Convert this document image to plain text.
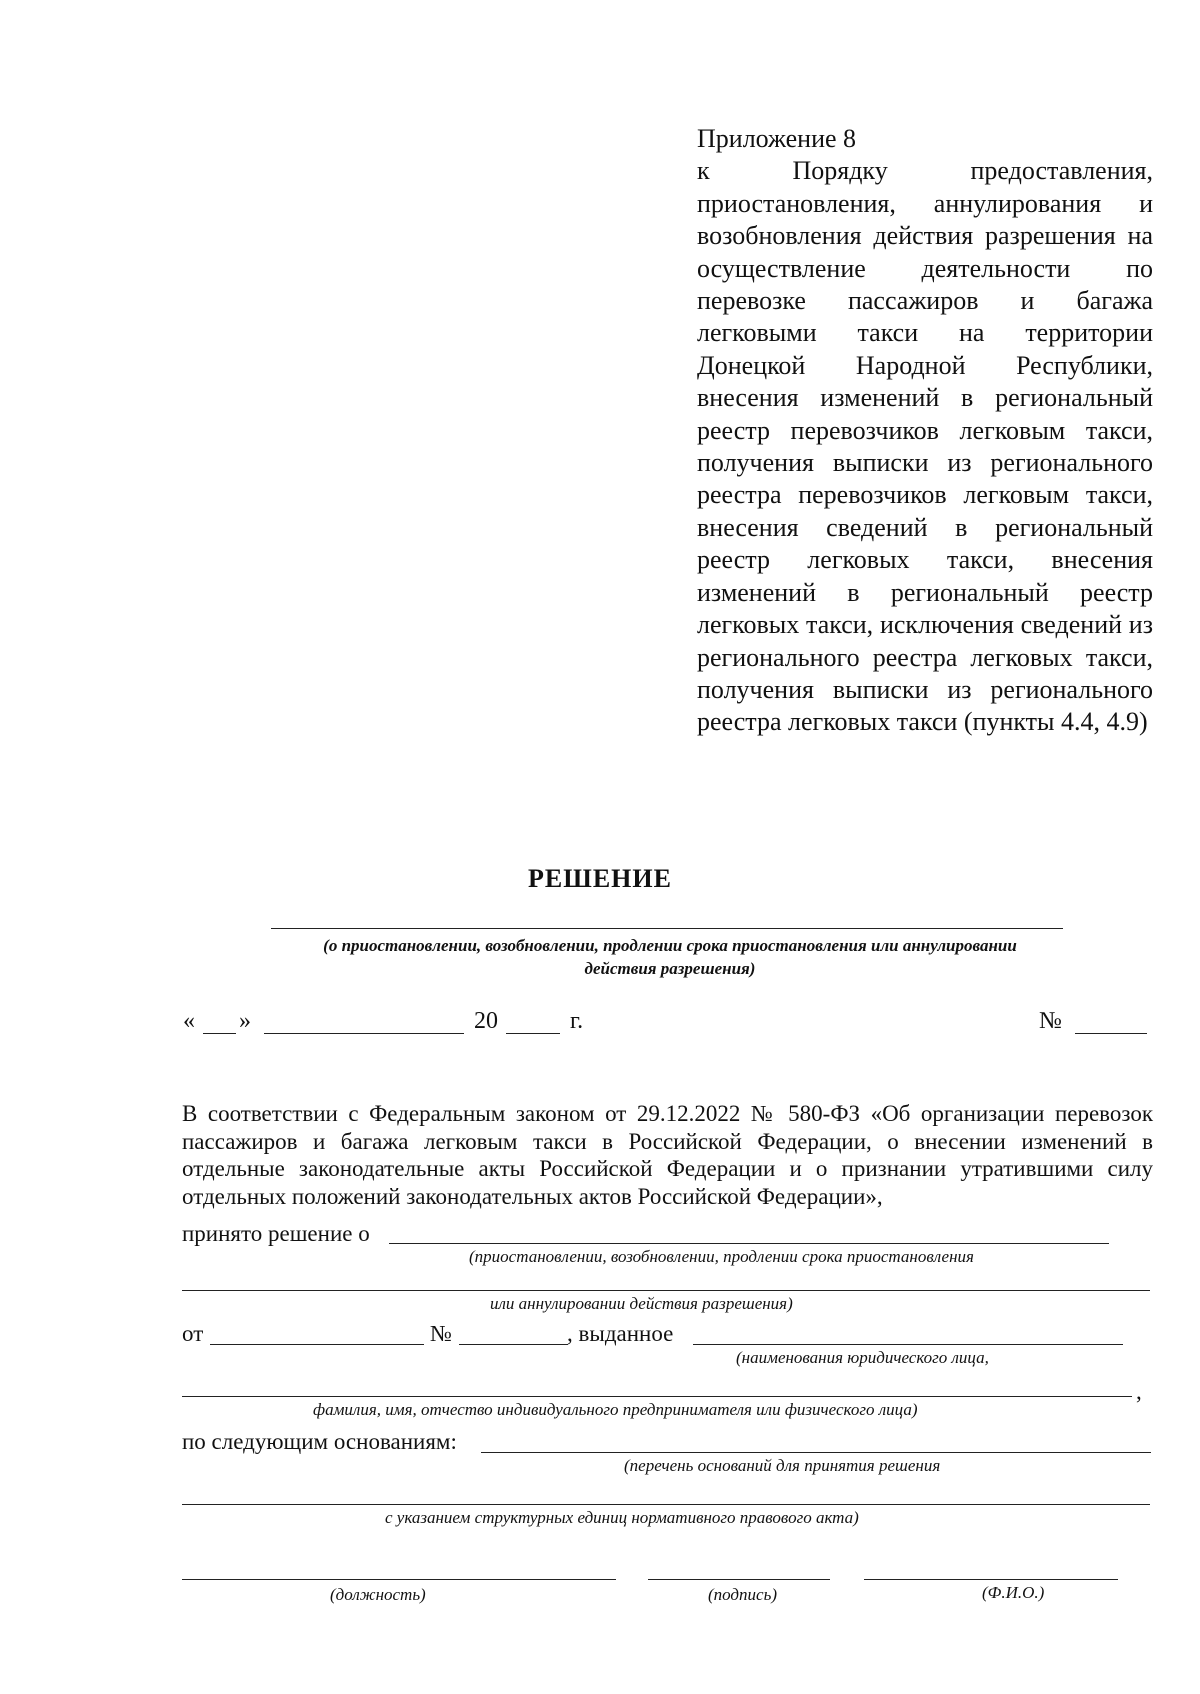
Приложение 8
к Порядку предоставления, приостановления, аннулирования и возобновления действия разрешения на осуществление деятельности по перевозке пассажиров и багажа легковыми такси на территории Донецкой Народной Республики, внесения изменений в региональный реестр перевозчиков легковым такси, получения выписки из регионального реестра перевозчиков легковым такси, внесения сведений в региональный реестр легковых такси, внесения изменений в региональный реестр легковых такси, исключения сведений из регионального реестра легковых такси, получения выписки из регионального реестра легковых такси (пункты 4.4, 4.9)
РЕШЕНИЕ
(о приостановлении, возобновлении, продлении срока приостановления или аннулировании действия разрешения)
« »	20	г.	№
В соответствии с Федеральным законом от 29.12.2022 № 580-ФЗ «Об организации перевозок пассажиров и багажа легковым такси в Российской Федерации, о внесении изменений в отдельные законодательные акты Российской Федерации и о признании утратившими силу отдельных положений законодательных актов Российской Федерации»,
принято решение о
(приостановлении, возобновлении, продлении срока приостановления
или аннулировании действия разрешения)
от	№	, выданное
(наименования юридического лица,
,
фамилия, имя, отчество индивидуального предпринимателя или физического лица)
по следующим основаниям:
(перечень оснований для принятия решения
с указанием структурных единиц нормативного правового акта)
(должность)	(подпись)	(Ф.И.О.)
